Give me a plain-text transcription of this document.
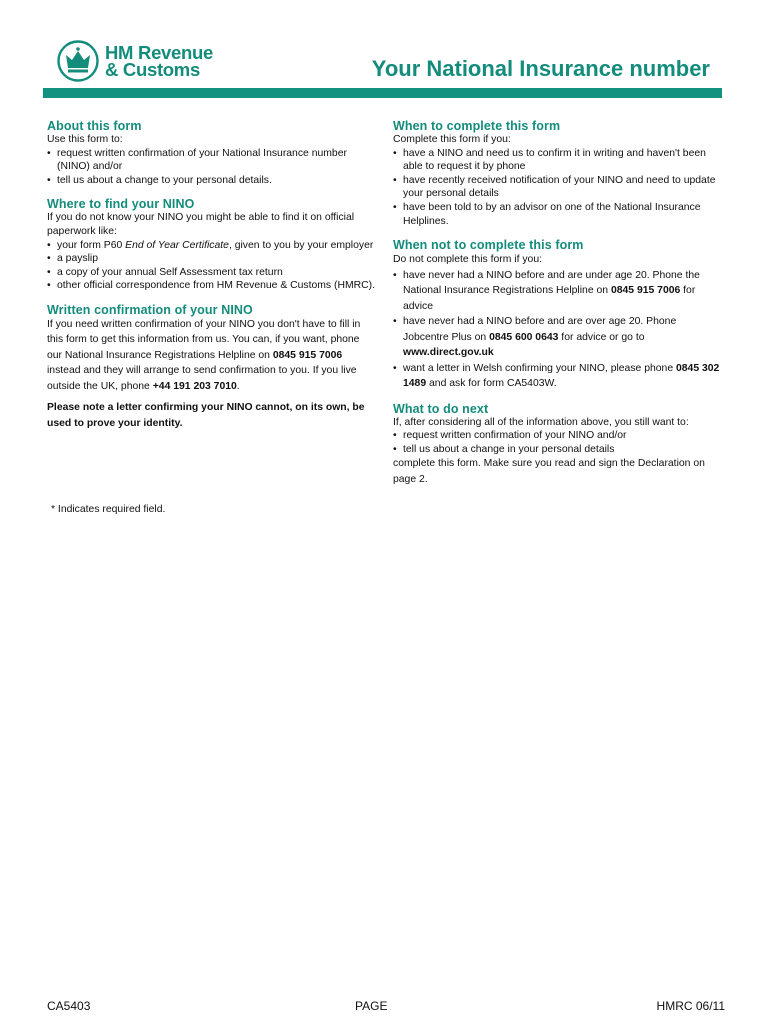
HM Revenue
& Customs	Your National Insurance number
About this form

Use this form to:

• request written confirmation of your National Insurance number (NINO) and/or
• tell us about a change to your personal details.
Where to find your NINO

If you do not know your NINO you might be able to find it on official paperwork like:

• your form P60 End of Year Certificate, given to you by your employer
• a payslip
• a copy of your annual Self Assessment tax return
• other official correspondence from HM Revenue & Customs (HMRC).
Written confirmation of your NINO

If you need written confirmation of your NINO you don't have to fill in this form to get this information from us. You can, if you want, phone our National Insurance Registrations Helpline on 0845 915 7006 instead and they will arrange to send confirmation to you. If you live outside the UK, phone +44 191 203 7010.

Please note a letter confirming your NINO cannot, on its own, be used to prove your identity.

* Indicates required field.
When to complete this form

Complete this form if you:

• have a NINO and need us to confirm it in writing and haven't been able to request it by phone
• have recently received notification of your NINO and need to update your personal details
• have been told to by an advisor on one of the National Insurance Helplines.
When not to complete this form

Do not complete this form if you:

• have never had a NINO before and are under age 20. Phone the National Insurance Registrations Helpline on 0845 915 7006 for advice
• have never had a NINO before and are over age 20. Phone Jobcentre Plus on 0845 600 0643 for advice or go to www.direct.gov.uk
• want a letter in Welsh confirming your NINO, please phone 0845 302 1489 and ask for form CA5403W.
What to do next

If, after considering all of the information above, you still want to:

• request written confirmation of your NINO and/or
• tell us about a change in your personal details

complete this form. Make sure you read and sign the Declaration on page 2.

CA5403	PAGE	HMRC 06/11
